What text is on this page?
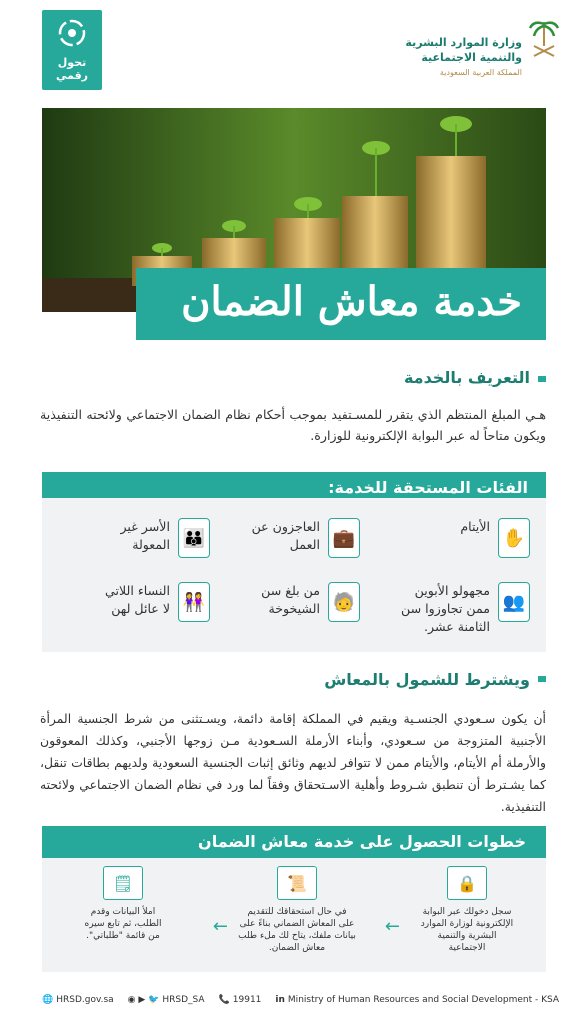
تحول
رقمي
وزارة الموارد البشرية
والتنمية الاجتماعية
المملكة العربية السعودية
خدمة معاش الضمان
التعريف بالخدمة
هـي المبلغ المنتظم الذي يتقرر للمسـتفيد بموجب أحكام نظام الضمان الاجتماعي ولائحته التنفيذية ويكون متاحاً له عبر البوابة الإلكترونية للوزارة.
الفئات المستحقة للخدمة:
✋
الأيتام
💼
العاجزون عن
العمل
👪
الأسر غير
المعولة
👥
مجهولو الأبوين
ممن تجاوزوا سن
الثامنة عشر.
🧓
من بلغ سن
الشيخوخة
👭
النساء اللاتي
لا عائل لهن
ويشترط للشمول بالمعاش
أن يكون سـعودي الجنسـية ويقيم في المملكة إقامة دائمة، ويسـتثنى من شرط الجنسية المرأة الأجنبية المتزوجة من سـعودي، وأبناء الأرملة السـعودية مـن زوجها الأجنبي، وكذلك المعوقون والأرملة أم الأيتام، والأيتام ممن لا تتوافر لديهم وثائق إثبات الجنسية السعودية ولديهم بطاقات تنقل، كما يشـترط أن تنطبق شـروط وأهلية الاسـتحقاق وفقاً لما ورد في نظام الضمان الاجتماعي ولائحته التنفيذية.
خطوات الحصول على خدمة معاش الضمان
🔒
سجل دخولك عبر البوابة
الإلكترونية لوزارة الموارد
البشرية والتنمية
الاجتماعية
←
📜
في حال استحقاقك للتقديم
على المعاش الضماني بناءً على
بيانات ملفك، يتاح لك ملء طلب
معاش الضمان.
←
🗒
املأ البيانات وقدم
الطلب، ثم تابع سيره
من قائمة "طلباتي".
🌐 HRSD.gov.sa ◉ ▶ 🐦 HRSD_SA 📞 19911 in Ministry of Human Resources and Social Development - KSA
